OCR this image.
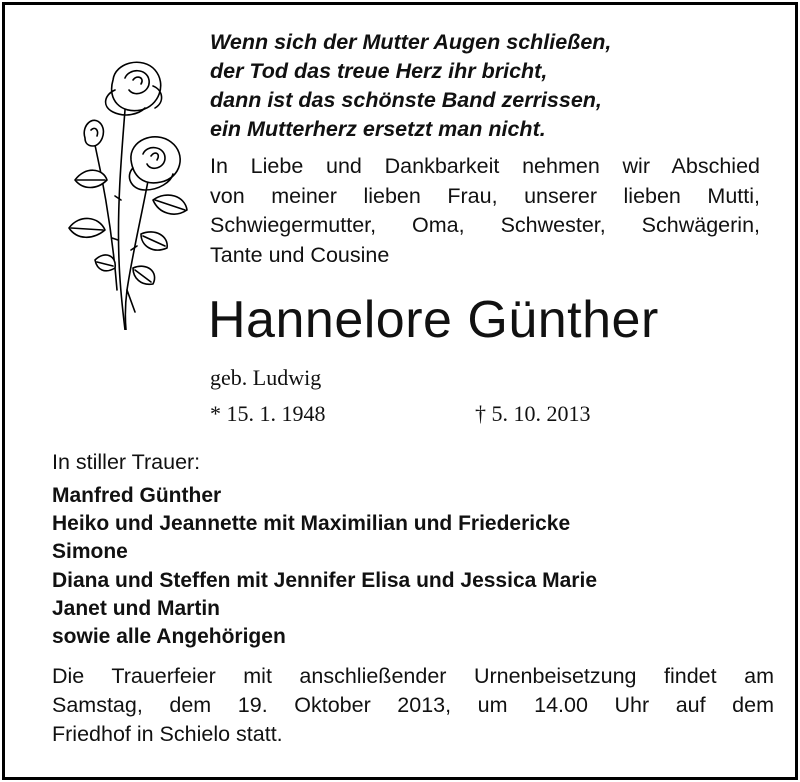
Wenn sich der Mutter Augen schließen,
der Tod das treue Herz ihr bricht,
dann ist das schönste Band zerrissen,
ein Mutterherz ersetzt man nicht.
In Liebe und Dankbarkeit nehmen wir Abschied
von meiner lieben Frau, unserer lieben Mutti,
Schwiegermutter, Oma, Schwester, Schwägerin,
Tante und Cousine
Hannelore Günther
geb. Ludwig
* 15. 1. 1948	† 5. 10. 2013
In stiller Trauer:
Manfred Günther
Heiko und Jeannette mit Maximilian und Friedericke
Simone
Diana und Steffen mit Jennifer Elisa und Jessica Marie
Janet und Martin
sowie alle Angehörigen
Die Trauerfeier mit anschließender Urnenbeisetzung findet am
Samstag, dem 19. Oktober 2013, um 14.00 Uhr auf dem
Friedhof in Schielo statt.
